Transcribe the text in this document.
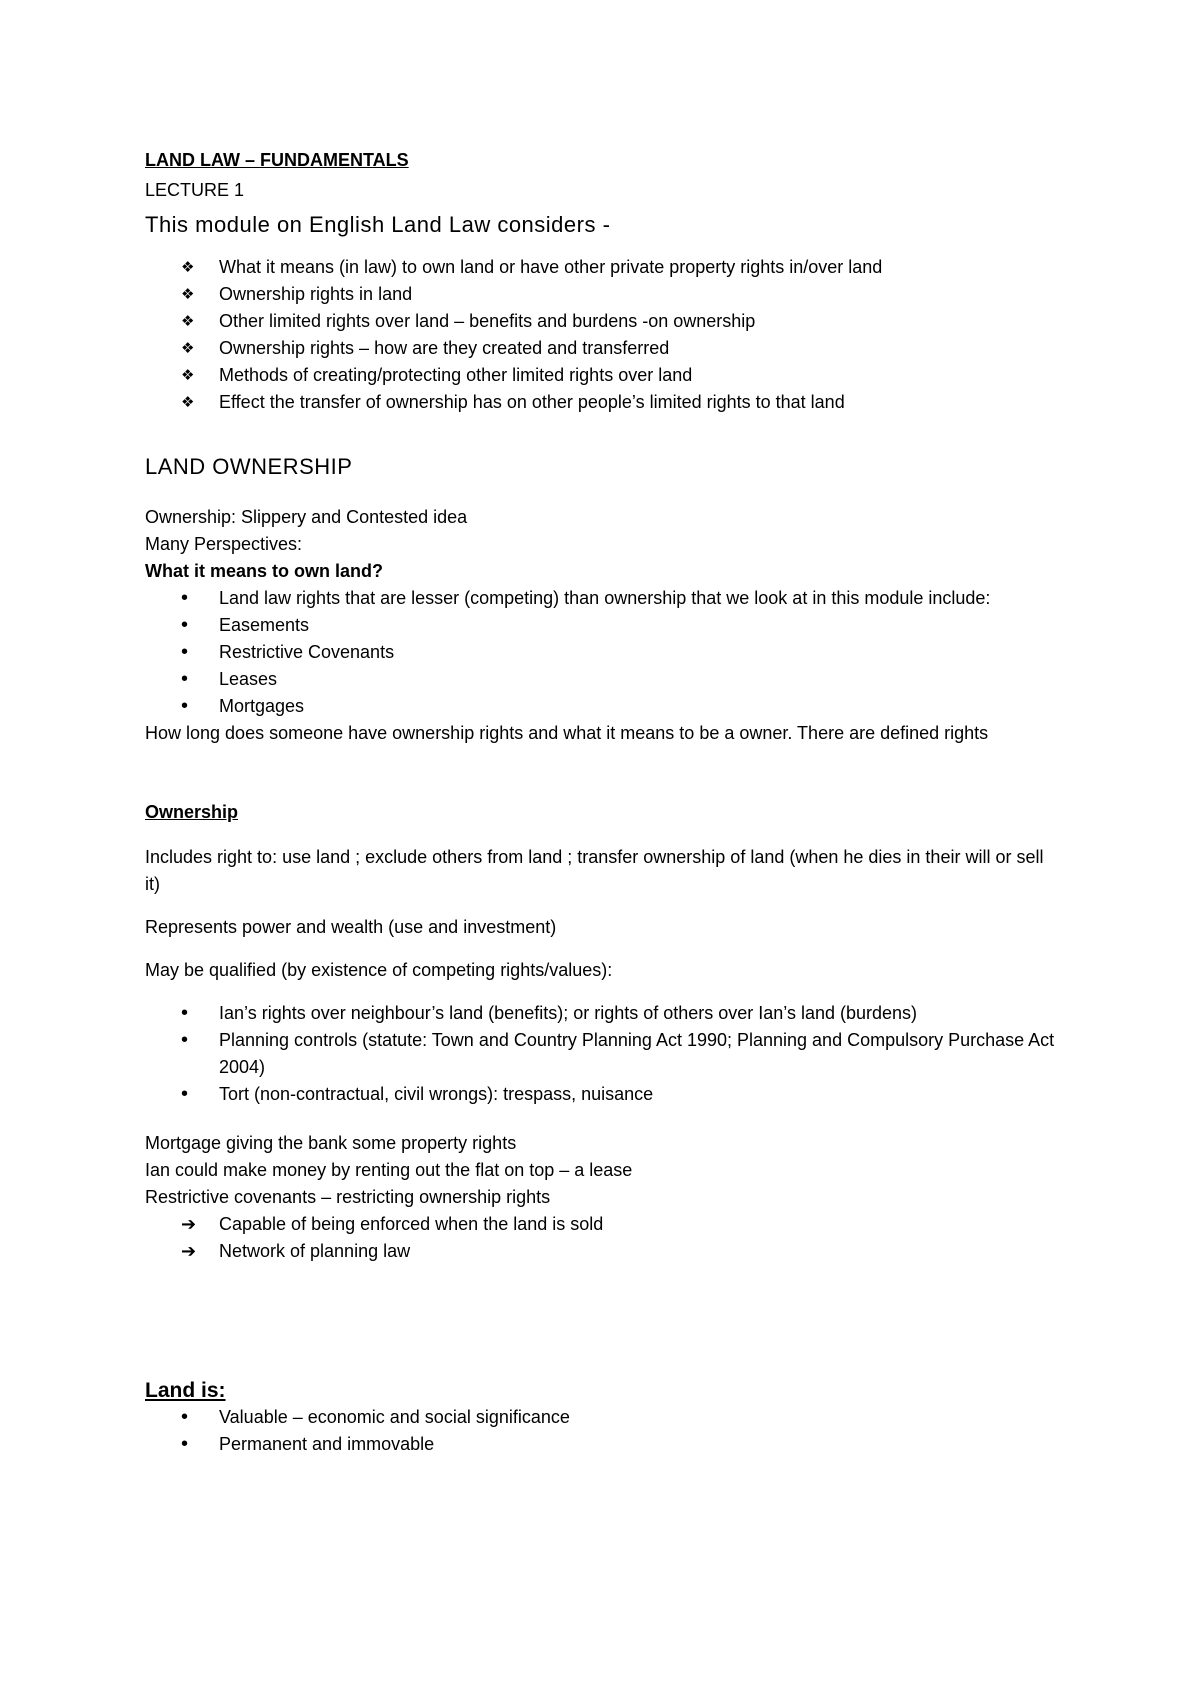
LAND LAW – FUNDAMENTALS
LECTURE 1
This module on English Land Law considers -
❖	What it means (in law) to own land or have other private property rights in/over land
❖	Ownership rights in land
❖	Other limited rights over land – benefits and burdens -on ownership
❖	Ownership rights – how are they created and transferred
❖	Methods of creating/protecting other limited rights over land
❖	Effect the transfer of ownership has on other people’s limited rights to that land
LAND OWNERSHIP
Ownership: Slippery and Contested idea
Many Perspectives:
What it means to own land?
•	Land law rights that are lesser (competing) than ownership that we look at in this module include:
•	Easements
•	Restrictive Covenants
•	Leases
•	Mortgages
How long does someone have ownership rights and what it means to be a owner. There are defined rights
Ownership
Includes right to: use land ; exclude others from land ; transfer ownership of land (when he dies in their will or sell it)
Represents power and wealth (use and investment)
May be qualified (by existence of competing rights/values):
•	Ian’s rights over neighbour’s land (benefits); or rights of others over Ian’s land (burdens)
•	Planning controls (statute: Town and Country Planning Act 1990; Planning and Compulsory Purchase Act 2004)
•	Tort (non-contractual, civil wrongs): trespass, nuisance
Mortgage giving the bank some property rights
Ian could make money by renting out the flat on top – a lease
Restrictive covenants – restricting ownership rights
➔	Capable of being enforced when the land is sold
➔	Network of planning law
Land is:
•	Valuable – economic and social significance
•	Permanent and immovable
